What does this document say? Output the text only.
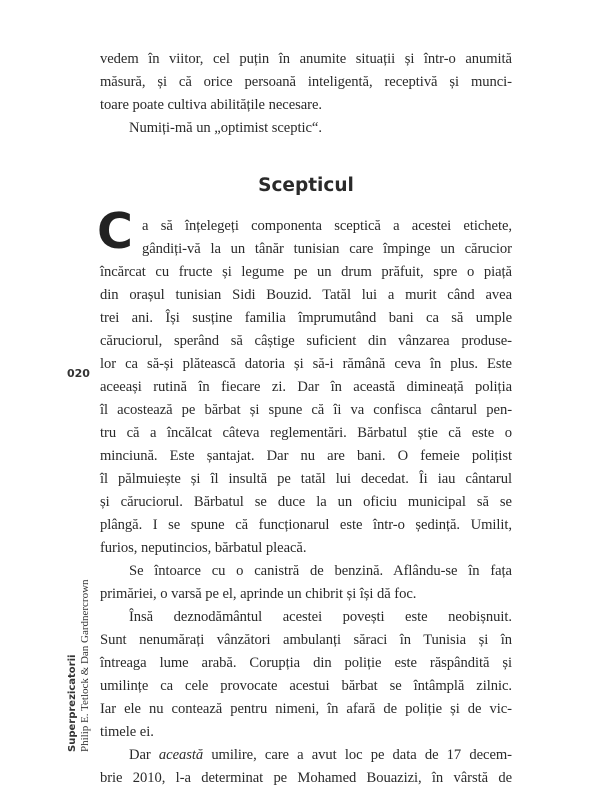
vedem în viitor, cel puțin în anumite situații și într-o anumită
măsură, și că orice persoană inteligentă, receptivă și munci-
toare poate cultiva abilitățile necesare.
Numiți-mă un „optimist sceptic“.
Scepticul
C a să înțelegeți componenta sceptică a acestei etichete,
gândiți-vă la un tânăr tunisian care împinge un cărucior
încărcat cu fructe și legume pe un drum prăfuit, spre o piață
din orașul tunisian Sidi Bouzid. Tatăl lui a murit când avea
trei ani. Își susține familia împrumutând bani ca să umple
căruciorul, sperând să câștige suficient din vânzarea produse-
lor ca să-și plătească datoria și să-i rămână ceva în plus. Este
aceeași rutină în fiecare zi. Dar în această dimineață poliția
îl acostează pe bărbat și spune că îi va confisca cântarul pen-
tru că a încălcat câteva reglementări. Bărbatul știe că este o
minciună. Este șantajat. Dar nu are bani. O femeie polițist
îl pălmuiește și îl insultă pe tatăl lui decedat. Îi iau cântarul
și căruciorul. Bărbatul se duce la un oficiu municipal să se
plângă. I se spune că funcționarul este într-o ședință. Umilit,
furios, neputincios, bărbatul pleacă.
Se întoarce cu o canistră de benzină. Aflându-se în fața
primăriei, o varsă pe el, aprinde un chibrit și își dă foc.
Însă deznodământul acestei povești este neobișnuit.
Sunt nenumărați vânzători ambulanți săraci în Tunisia și în
întreaga lume arabă. Corupția din poliție este răspândită și
umilințe ca cele provocate acestui bărbat se întâmplă zilnic.
Iar ele nu contează pentru nimeni, în afară de poliție și de vic-
timele ei.
Dar această umilire, care a avut loc pe data de 17 decem-
brie 2010, l-a determinat pe Mohamed Bouazizi, în vârstă de
020
Superprezicatorii Philip E. Tetlock & Dan Gardnercrown
